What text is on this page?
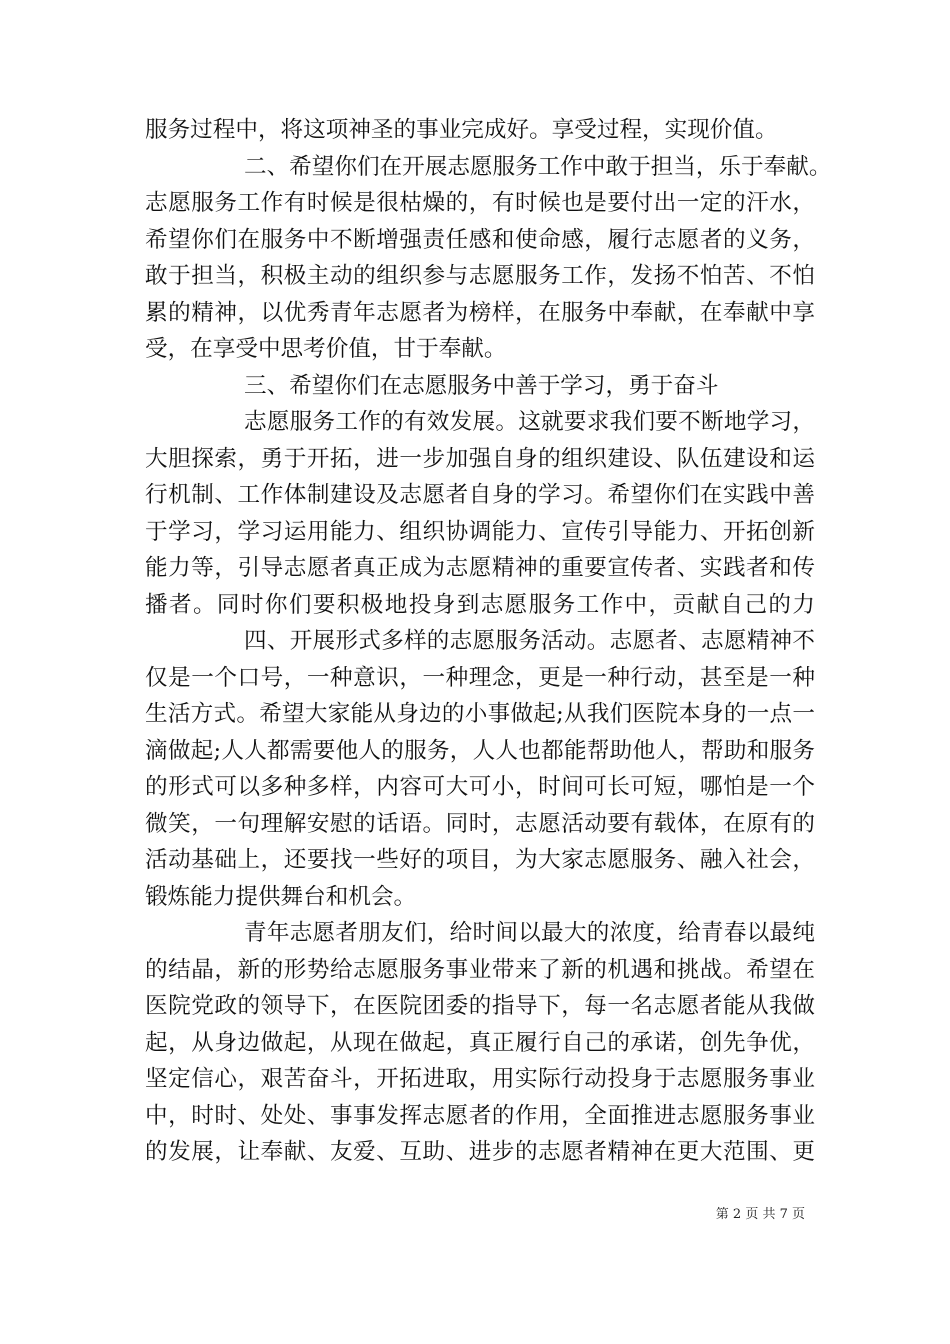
服务过程中，将这项神圣的事业完成好。享受过程，实现价值。
二、希望你们在开展志愿服务工作中敢于担当，乐于奉献。
志愿服务工作有时候是很枯燥的，有时候也是要付出一定的汗水，
希望你们在服务中不断增强责任感和使命感，履行志愿者的义务，
敢于担当，积极主动的组织参与志愿服务工作，发扬不怕苦、不怕
累的精神，以优秀青年志愿者为榜样，在服务中奉献，在奉献中享
受，在享受中思考价值，甘于奉献。
三、希望你们在志愿服务中善于学习，勇于奋斗
志愿服务工作的有效发展。这就要求我们要不断地学习，
大胆探索，勇于开拓，进一步加强自身的组织建设、队伍建设和运
行机制、工作体制建设及志愿者自身的学习。希望你们在实践中善
于学习，学习运用能力、组织协调能力、宣传引导能力、开拓创新
能力等，引导志愿者真正成为志愿精神的重要宣传者、实践者和传
播者。同时你们要积极地投身到志愿服务工作中，贡献自己的力
四、开展形式多样的志愿服务活动。志愿者、志愿精神不
仅是一个口号，一种意识，一种理念，更是一种行动，甚至是一种
生活方式。希望大家能从身边的小事做起;从我们医院本身的一点一
滴做起;人人都需要他人的服务，人人也都能帮助他人，帮助和服务
的形式可以多种多样，内容可大可小，时间可长可短，哪怕是一个
微笑，一句理解安慰的话语。同时，志愿活动要有载体，在原有的
活动基础上，还要找一些好的项目，为大家志愿服务、融入社会，
锻炼能力提供舞台和机会。
青年志愿者朋友们，给时间以最大的浓度，给青春以最纯
的结晶，新的形势给志愿服务事业带来了新的机遇和挑战。希望在
医院党政的领导下，在医院团委的指导下，每一名志愿者能从我做
起，从身边做起，从现在做起，真正履行自己的承诺，创先争优，
坚定信心，艰苦奋斗，开拓进取，用实际行动投身于志愿服务事业
中，时时、处处、事事发挥志愿者的作用，全面推进志愿服务事业
的发展，让奉献、友爱、互助、进步的志愿者精神在更大范围、更
第 2 页 共 7 页
